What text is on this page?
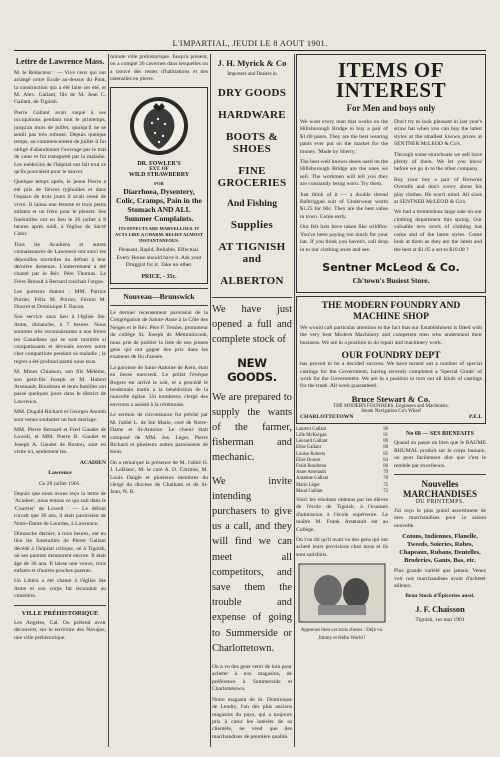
L'IMPARTIAL, JEUDI LE 8 AOUT 1901.
Lettre de Lawrence Mass.

M. le Rédacteur : — Vive ceux qui ont arrangé notre Ecole au-dessus du Pont, la construction qui a été faite cet été, et M. Alex. Gallant, fils de M. Jean C. Gallant, de Tignish.

Pierre Gallant avait vaqué à ses occupations pendant tout le printemps, jusqu'au mois de juillet, quoiqu'il ne se sentit pas très robuste. Depuis quelque temps, au commencement de juillet il fut obligé d'abandonner l'ouvrage par le mal de cœur et fut transporté par la maladie. Les médecins de l'hôpital ont fait tout ce qu'ils pouvaient pour le sauver.

Quelque temps après, le jeune Pierre a été pris de fièvres typhoïdes et dans l'espace de trois jours il avait cessé de vivre. Il laissa une femme et trois petits enfants et un frère pour le pleurer. Ses funérailles ont eu lieu le 26 juillet à 8 heures après midi, à l'église du Sacré Cœur.

Tous les Acadiens et autres connaissances de Lawrence ont suivi les dépouilles mortelles du défunt à leur dernière demeure. L'enterrement a été chanté par le Rév. Père Thomas. Le Frère Breault à Bernard touchait l'orgue.

Les porteurs étaient : MM. Patrice Poirier, Félix M. Poirier, Firmin M. Doucet et Dominique F. Bacon.

Son service aura lieu à l'église Ste. Anne, dimanche, à 7 heures. Nous sommes très reconnaissants à nos frères les Canadiens qui se sont montrés si compatissants et dévoués envers notre cher compatriote pendant sa maladie ; le regret a été profond parmi nous tous.

M. Mines Chiasson, son fils Mélème, son petit-fils Joseph et M. Hubert Arsenault, Boudreau et leurs familles ont passé quelques jours dans le district de Lawrence.

MM. Dugald Richard et Georges Anomh sont venus souhaiter un bon mariage.

MM. Pierre Bernard et Fred Gaudet de Lowell, et MM. Pierre B. Gaudet et Joseph A. Gaudet de Boston, sont en visite ici, seulement les.

ACADIEN

Lawrence

Ce 28 juillet 1901.

Depuis que nous avons reçu la lettre de 'Acadien', nous tenons ce qui suit dans le 'Courrier' de Lowell : — Le défunt n'avait que 36 ans, il était paroissien de Notre-Dame de Lourdes, à Lawrence.

Dimanche dernier, à trois heures, ont eu lieu les funérailles de Pierre Gallant décédé à l'hôpital critique, né à Tignish, où ses parents demeurent encore. Il était âgé de 36 ans. Il laisse une veuve, trois enfants et d'autres proches parents.

Un Libéra a été chanté à l'église Ste Anne et son corps fut reconduit au cimetière.

VILLE PRÉHISTORIQUE

Les Angeles, Cal. On prétend avoir découvert, sur le territoire des Navajos, une ville préhistorique.

minute ville préhistorique. Jusqu'à présent, on a compté 26 cavernes dans lesquelles on a trouvé des restes d'habitations et des ustensiles en pierre.

DR. FOWLER'S
EXT. OF
WILD STRAWBERRY
FOR
Diarrhoea, Dysentery, Colic, Cramps, Pain in the Stomach AND ALL Summer Complaints.
ITS EFFECTS ARE MARVELLOUS. IT ACTS LIKE A CHARM. RELIEF ALMOST INSTANTANEOUS.
Pleasant, Rapid, Reliable, Effectual. Every House should have it. Ask your Druggist for it. Take no other.
PRICE, - 35c.
Nouveau—Brunswick

Le dernier recensement paroissial de la Congrégation de Sainte-Anne à la Côte des Neiges et le Rév. Père F. Tessier, promoteur du collège St. Joseph de Memramcook, nous prie de publier la liste de nos jeunes gens qui ont gagné des prix dans les examens de fin d'année.

La paroisse de Saint-Antoine de Kent, était en liesse mercredi. Le prélat l'évêque Rogers est arrivé le soir, et a procédé le lendemain matin à la bénédiction de la nouvelle église. Un nombreux clergé des environs a assisté à la cérémonie.

Le sermon de circonstance fut prêché par M. l'abbé L. de Ste Marie, curé de Notre-Dame et St-Antoine. Le chœur était composé de MM. Jos. Léger, Pierre Richard et plusieurs autres paroissiens de Kent.

On a remarqué la présence de M. l'abbé O. J. LeBlanc, M. le curé A. D. Cormier, M. Louis Daigle et plusieurs membres du clergé du diocèse de Chatham et de St-Jean, N. B.

J. H. Myrick & Co
Importers and Dealers in
DRY GOODS
HARDWARE
BOOTS & SHOES
FINE GROCERIES
And Fishing
Supplies
AT TIGNISH and
ALBERTON

We have just opened a full and complete stock of

NEW GOODS.

We are prepared to supply the wants of the farmer, fisherman and mechanic.

We invite intending purchasers to give us a call, and they will find we can meet all competitors, and save them the trouble and expense of going to Summerside or Charlottetown.

On a vu des gens venir de loin pour acheter à nos magasins, de préférence à Summerside et Charlottetown.

Notre magasin de St. Dominique de Lendry, l'un des plus anciens magasins du pays, qui a toujours pris à cœur les intérêts de sa clientèle, ne vend que des marchandises de première qualité.

ITEMS OF INTEREST
For Men and boys only

We want every man that works on the Hillsborough Bridge to buy a pair of $1.00 pants. They are the best wearing pants ever put on the market for the money. 'Made by Sherry.'

The best well known shoes used on the Hillsborough Bridge are the ones we sell. The workmen will tell you they are constantly being worn. Try them.

Just think of it — a double thread Balbriggan suit of Underwear worth $1.25 for 60c. They are the best value in town. Come early.

Our felt hats have taken like wildfire. You've been paying too much for your hat. If you think you haven't, call drop in to our clothing store and see.

Don't try to look pleasant in last year's straw hat when you can buy the latest styles at the smallest known prices at SENTNER McLEOD & Co's.

Through some strawboats we sell have plenty of them. We let you know before we go in to the other company.

Buy your boy a pair of Brownie Overalls and don't worry about his play clothes. He won't mind. All sizes at SENTNER McLEOD & Co's.

We had a tremendous large sale on our clothing department this spring. Our valuable new stock of clothing has come and of the latest styles. Come look at them as they are the latest and the best at $1.95 a set to $10.00 ?

Sentner McLeod & Co.
Ch'town's Busiest Store.
THE MODERN FOUNDRY AND MACHINE SHOP

We would call particular attention to the fact that our Establishment is fitted with the very best Modern Machinery and competent men who understand their business. We are in a position to do repair and machinery work.

OUR FOUNDRY DEPT

has proved to be a decided success. We have turned out a number of special castings for the Government, having recently completed a 'Special Grade' of work for the Government. We are in a position to turn out all kinds of castings for the trade. All work guaranteed.

Bruce Stewart & Co.
THE MODERN FOUNDERS, Engineers and Machinists.
Steam Navigation Co's Wharf
CHARLOTTETOWN	P.E.I.
Laurent Gallant	96
Lille McKeigan	91
Léonard Gallant	89
Elise Gallant	88
Louise Roberts	85
Elise Doucet	84
Fraid Boudreau	80
Anne Arsenault	79
Anselme Gallant	78
Marie Léger	75
Maud Gallant	72

Voici les résultats obtenus par les élèves de l'école de Tignish, à l'examen d'admission à l'école supérieure. Le maître M. Frank Arsenault est au Collège.

On l'on dit qu'il avait vu des gens qui ont acheté leurs provisions chez nous et ils sont satisfaits.

Apprenez bien ces trois choses : Déjà vu. Jimmy et Hello World !

No 68 — SES BIENFAITS

Quand on passe un bien que le BAUME RHUMAL produit sur le corps humain, on peut facilement dire que c'est le remède par excellence.

Nouvelles MARCHANDISES
DU PRINTEMPS.

J'ai reçu le plus grand assortiment de mes marchandises pour la saison nouvelle.

Cotons, Indiennes, Flanelle, Tweeds, Soieries, Robes, Chapeaux, Rubans, Dentelles, Broderies, Gants, Bas, etc.

Plus grande variété que jamais. Venez voir nos marchandises avant d'acheter ailleurs.

Beau Stock d'Épiceries aussi.

J. F. Chaisson

Tignish, 1er mai 1901
